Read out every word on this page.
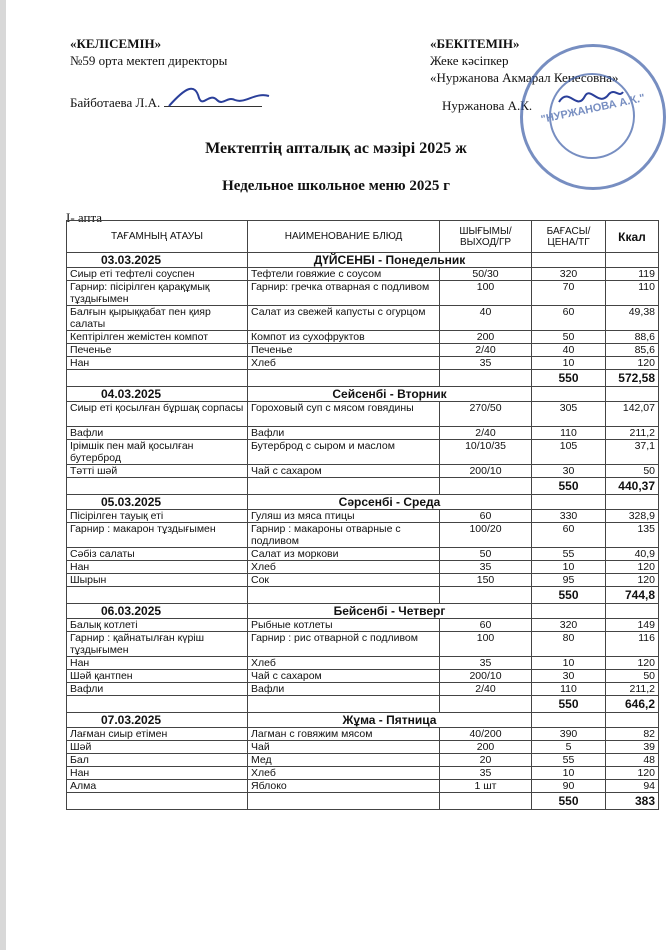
«КЕЛІСЕМІН»
№59 орта мектеп директоры
Байботаева Л.А.
«БЕКІТЕМІН»
Жеке кәсіпкер
«Нуржанова Акмарал Кенесовна»
Нуржанова А.К. "НУРЖАНОВА А.К."
Мектептің апталық ас мәзірі 2025 ж
Недельное школьное меню 2025 г
І- апта
ТАҒАМНЫҢ АТАУЫ	НАИМЕНОВАНИЕ БЛЮД	ШЫҒЫМЫ/ ВЫХОД/ГР	БАҒАСЫ/ ЦЕНА/ТГ	Ккал
03.03.2025	ДҮЙСЕНБІ - Понедельник			
Сиыр еті тефтелі соуспен	Тефтели говяжие с соусом	50/30	320	119
Гарнир: пісірілген қарақұмық тұздығымен	Гарнир: гречка отварная с подливом	100	70	110
Балғын қырыққабат пен қияр салаты	Салат из свежей капусты с огурцом	40	60	49,38
Кептірілген жемістен компот	Компот из сухофруктов	200	50	88,6
Печенье	Печенье	2/40	40	85,6
Нан	Хлеб	35	10	120
			550	572,58
04.03.2025	Сейсенбі - Вторник			
Сиыр еті қосылған бұршақ сорпасы	Гороховый суп с мясом говядины	270/50	305	142,07
Вафли	Вафли	2/40	110	211,2
Ірімшік пен май қосылған бутерброд	Бутерброд с сыром и маслом	10/10/35	105	37,1
Тәтті шәй	Чай с сахаром	200/10	30	50
			550	440,37
05.03.2025	Сәрсенбі - Среда			
Пісірілген тауық еті	Гуляш из мяса птицы	60	330	328,9
Гарнир : макарон тұздығымен	Гарнир : макароны отварные с подливом	100/20	60	135
Сәбіз салаты	Салат из моркови	50	55	40,9
Нан	Хлеб	35	10	120
Шырын	Сок	150	95	120
			550	744,8
06.03.2025	Бейсенбі - Четверг			
Балық котлеті	Рыбные котлеты	60	320	149
Гарнир : қайнатылған күріш тұздығымен	Гарнир : рис отварной с подливом	100	80	116
Нан	Хлеб	35	10	120
Шәй қантпен	Чай с сахаром	200/10	30	50
Вафли	Вафли	2/40	110	211,2
			550	646,2
07.03.2025	Жұма - Пятница			
Лағман сиыр етімен	Лагман с говяжим мясом	40/200	390	82
Шәй	Чай	200	5	39
Бал	Мед	20	55	48
Нан	Хлеб	35	10	120
Алма	Яблоко	1 шт	90	94
			550	383
